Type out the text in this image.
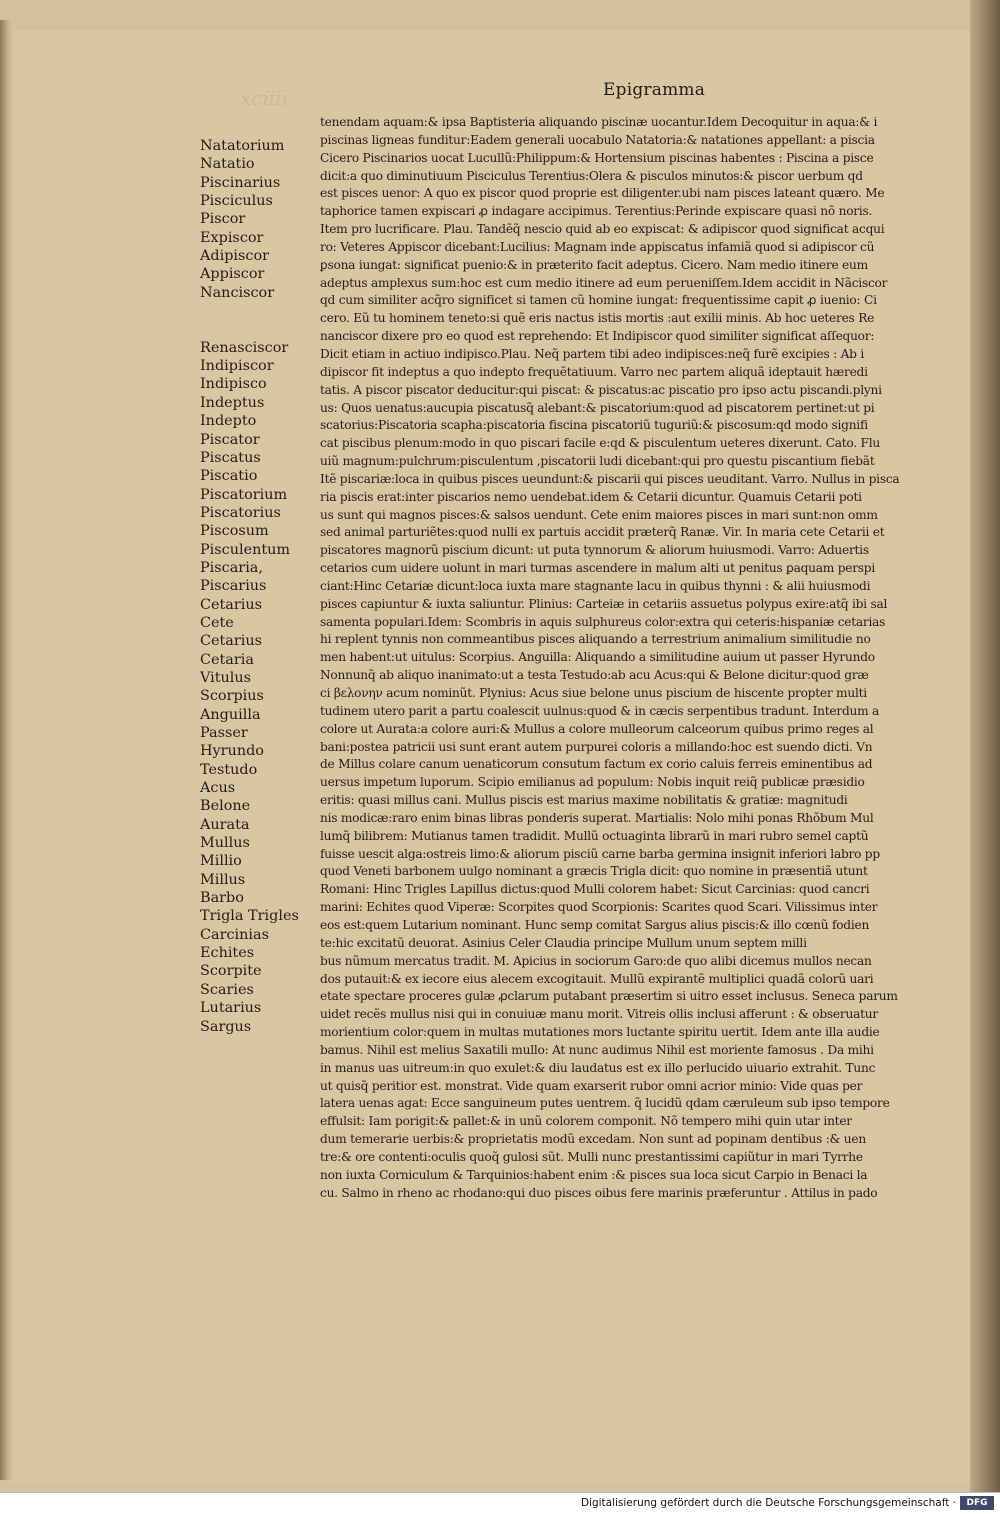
xciiii	Epigramma
Natatorium
Natatio
Piscinarius
Pisciculus
Piscor
Expiscor
Adipiscor
Appiscor
Nanciscor
Renasciscor
Indipiscor
Indipisco
Indeptus
Indepto
Piscator
Piscatus
Piscatio
Piscatorium
Piscatorius
Piscosum
Pisculentum
Piscaria,
Piscarius
Cetarius
Cete
Cetarius
Cetaria
Vitulus
Scorpius
Anguilla
Passer
Hyrundo
Testudo
Acus
Belone
Aurata
Mullus
Millio
Millus
Barbo
Trigla Trigles
Carcinias
Echites
Scorpite
Scaries
Lutarius
Sargus
tenendam aquam:& ipsa Baptisteria aliquando piscinæ uocantur.Idem Decoquitur in aqua:& i
piscinas ligneas funditur:Eadem generali uocabulo Natatoria:& natationes appellant: a piscia
Cicero Piscinarios uocat Lucullũ:Philippum:& Hortensium piscinas habentes : Piscina a pisce
dicit:a quo diminutiuum Pisciculus Terentius:Olera & pisculos minutos:& piscor uerbum qd
est pisces uenor: A quo ex piscor quod proprie est diligenter.ubi nam pisces lateant quæro. Me
taphorice tamen expiscari ꝓ indagare accipimus. Terentius:Perinde expiscare quasi nõ noris.
Item pro lucrificare. Plau. Tandẽq̃ nescio quid ab eo expiscat: & adipiscor quod significat acqui
ro: Veteres Appiscor dicebant:Lucilius: Magnam inde appiscatus infamiã quod si adipiscor cũ
ꝑsona iungat: significat puenio:& in præterito facit adeptus. Cicero. Nam medio itinere eum
adeptus amplexus sum:hoc est cum medio itinere ad eum perueniſſem.Idem accidit in Nãciscor
qd cum similiter acq̃ro significet si tamen cũ homine iungat: frequentissime capit ꝓ iuenio: Ci
cero. Eũ tu hominem teneto:si quẽ eris nactus istis mortis :aut exilii minis. Ab hoc ueteres Re
nanciscor dixere pro eo quod est reprehendo: Et Indipiscor quod similiter significat aſſequor:
Dicit etiam in actiuo indipisco.Plau. Neq̃ partem tibi adeo indipisces:neq̃ furẽ excipies : Ab i
dipiscor fit indeptus a quo indepto frequẽtatiuum. Varro nec partem aliquã ideptauit hæredi
tatis. A piscor piscator deducitur:qui piscat: & piscatus:ac piscatio pro ipso actu piscandi.plyni
us: Quos uenatus:aucupia piscatusq̃ alebant:& piscatorium:quod ad piscatorem pertinet:ut pi
scatorius:Piscatoria scapha:piscatoria fiscina piscatoriũ tuguriũ:& piscosum:qd modo signifi
cat piscibus plenum:modo in quo piscari facile e:qd & pisculentum ueteres dixerunt. Cato. Flu
uiũ magnum:pulchrum:pisculentum ,piscatorii ludi dicebant:qui pro questu piscantium fiebãt
Itẽ piscariæ:loca in quibus pisces ueundunt:& piscarii qui pisces ueuditant. Varro. Nullus in pisca
ria piscis erat:inter piscarios nemo uendebat.idem & Cetarii dicuntur. Quamuis Cetarii poti
us sunt qui magnos pisces:& salsos uendunt. Cete enim maiores pisces in mari sunt:non omm
sed animal parturiẽtes:quod nulli ex partuis accidit præterq̃ Ranæ. Vir. In maria cete Cetarii et
piscatores magnorũ piscium dicunt: ut puta tynnorum & aliorum huiusmodi. Varro: Aduertis
cetarios cum uidere uolunt in mari turmas ascendere in malum alti ut penitus ꝑaquam perspi
ciant:Hinc Cetariæ dicunt:loca iuxta mare stagnante lacu in quibus thynni : & alii huiusmodi
pisces capiuntur & iuxta saliuntur. Plinius: Carteiæ in cetariis assuetus polypus exire:atq̃ ibi sal
samenta populari.Idem: Scombris in aquis sulphureus color:extra qui ceteris:hispaniæ cetarias
hi replent tynnis non commeantibus pisces aliquando a terrestrium animalium similitudie no
men habent:ut uitulus: Scorpius. Anguilla: Aliquando a similitudine auium ut passer Hyrundo
Nonnunq̃ ab aliquo inanimato:ut a testa Testudo:ab acu Acus:qui & Belone dicitur:quod græ
ci βελονην acum nominũt. Plynius: Acus siue belone unus piscium de hiscente propter multi
tudinem utero parit a partu coalescit uulnus:quod & in cæcis serpentibus tradunt. Interdum a
colore ut Aurata:a colore auri:& Mullus a colore mulleorum calceorum quibus primo reges al
bani:postea patricii usi sunt erant autem purpurei coloris a millando:hoc est suendo dicti. Vn
de Millus colare canum uenaticorum consutum factum ex corio caluis ferreis eminentibus ad
uersus impetum luporum. Scipio emilianus ad populum: Nobis inquit reiq̃ publicæ præsidio
eritis: quasi millus cani. Mullus piscis est marius maxime nobilitatis & gratiæ: magnitudi
nis modicæ:raro enim binas libras ponderis superat. Martialis: Nolo mihi ponas Rhõbum Mul
lumq̃ bilibrem: Mutianus tamen tradidit. Mullũ octuaginta librarũ in mari rubro semel captũ
fuisse uescit alga:ostreis limo:& aliorum pisciũ carne barba germina insignit inferiori labro pp
quod Veneti barbonem uulgo nominant a græcis Trigla dicit: quo nomine in præsentiã utunt
Romani: Hinc Trigles Lapillus dictus:quod Mulli colorem habet: Sicut Carcinias: quod cancri
marini: Echites quod Viperæ: Scorpites quod Scorpionis: Scarites quod Scari. Vilissimus inter
eos est:quem Lutarium nominant. Hunc semp comitat Sargus alius piscis:& illo cœnũ fodien
te:hic excitatũ deuorat. Asinius Celer Claudia principe Mullum unum septem milli
bus nũmum mercatus tradit. M. Apicius in sociorum Garo:de quo alibi dicemus mullos necan
dos putauit:& ex iecore eius alecem excogitauit. Mullũ expirantẽ multiplici quadã colorũ uari
etate spectare proceres gulæ ꝓclarum putabant præsertim si uitro esset inclusus. Seneca parum
uidet recẽs mullus nisi qui in conuiuæ manu morit. Vitreis ollis inclusi afferunt : & obseruatur
morientium color:quem in multas mutationes mors luctante spiritu uertit. Idem ante illa audie
bamus. Nihil est melius Saxatili mullo: At nunc audimus Nihil est moriente famosus . Da mihi
in manus uas uitreum:in quo exulet:& diu laudatus est ex illo perlucido uiuario extrahit. Tunc
ut quisq̃ peritior est. monstrat. Vide quam exarserit rubor omni acrior minio: Vide quas per
latera uenas agat: Ecce sanguineum putes uentrem. q̃ lucidũ qdam cæruleum sub ipso tempore
effulsit: Iam porigit:& pallet:& in unũ colorem componit. Nõ tempero mihi quin utar inter
dum temerarie uerbis:& proprietatis modũ excedam. Non sunt ad popinam dentibus :& uen
tre:& ore contenti:oculis quoq̃ gulosi sũt. Mulli nunc prestantissimi capiũtur in mari Tyrrhe
non iuxta Corniculum & Tarquinios:habent enim :& pisces sua loca sicut Carpio in Benaci la
cu. Salmo in rheno ac rhodano:qui duo pisces oibus fere marinis præferuntur . Attilus in pado
Digitalisierung gefördert durch die Deutsche Forschungsgemeinschaft ·	DFG
